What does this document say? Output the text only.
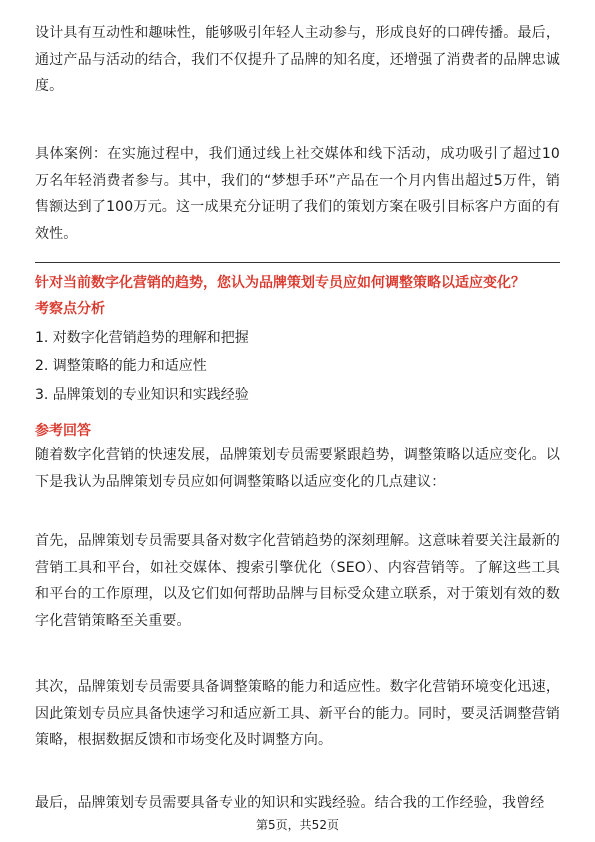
设计具有互动性和趣味性，能够吸引年轻人主动参与，形成良好的口碑传播。最后，通过产品与活动的结合，我们不仅提升了品牌的知名度，还增强了消费者的品牌忠诚度。

具体案例：在实施过程中，我们通过线上社交媒体和线下活动，成功吸引了超过10万名年轻消费者参与。其中，我们的“梦想手环”产品在一个月内售出超过5万件，销售额达到了100万元。这一成果充分证明了我们的策划方案在吸引目标客户方面的有效性。

针对当前数字化营销的趋势，您认为品牌策划专员应如何调整策略以适应变化？
考察点分析
1. 对数字化营销趋势的理解和把握
2. 调整策略的能力和适应性
3. 品牌策划的专业知识和实践经验
参考回答

随着数字化营销的快速发展，品牌策划专员需要紧跟趋势，调整策略以适应变化。以下是我认为品牌策划专员应如何调整策略以适应变化的几点建议：

首先，品牌策划专员需要具备对数字化营销趋势的深刻理解。这意味着要关注最新的营销工具和平台，如社交媒体、搜索引擎优化（SEO）、内容营销等。了解这些工具和平台的工作原理，以及它们如何帮助品牌与目标受众建立联系，对于策划有效的数字化营销策略至关重要。

其次，品牌策划专员需要具备调整策略的能力和适应性。数字化营销环境变化迅速，因此策划专员应具备快速学习和适应新工具、新平台的能力。同时，要灵活调整营销策略，根据数据反馈和市场变化及时调整方向。

最后，品牌策划专员需要具备专业的知识和实践经验。结合我的工作经验，我曾经

第5页，共52页
